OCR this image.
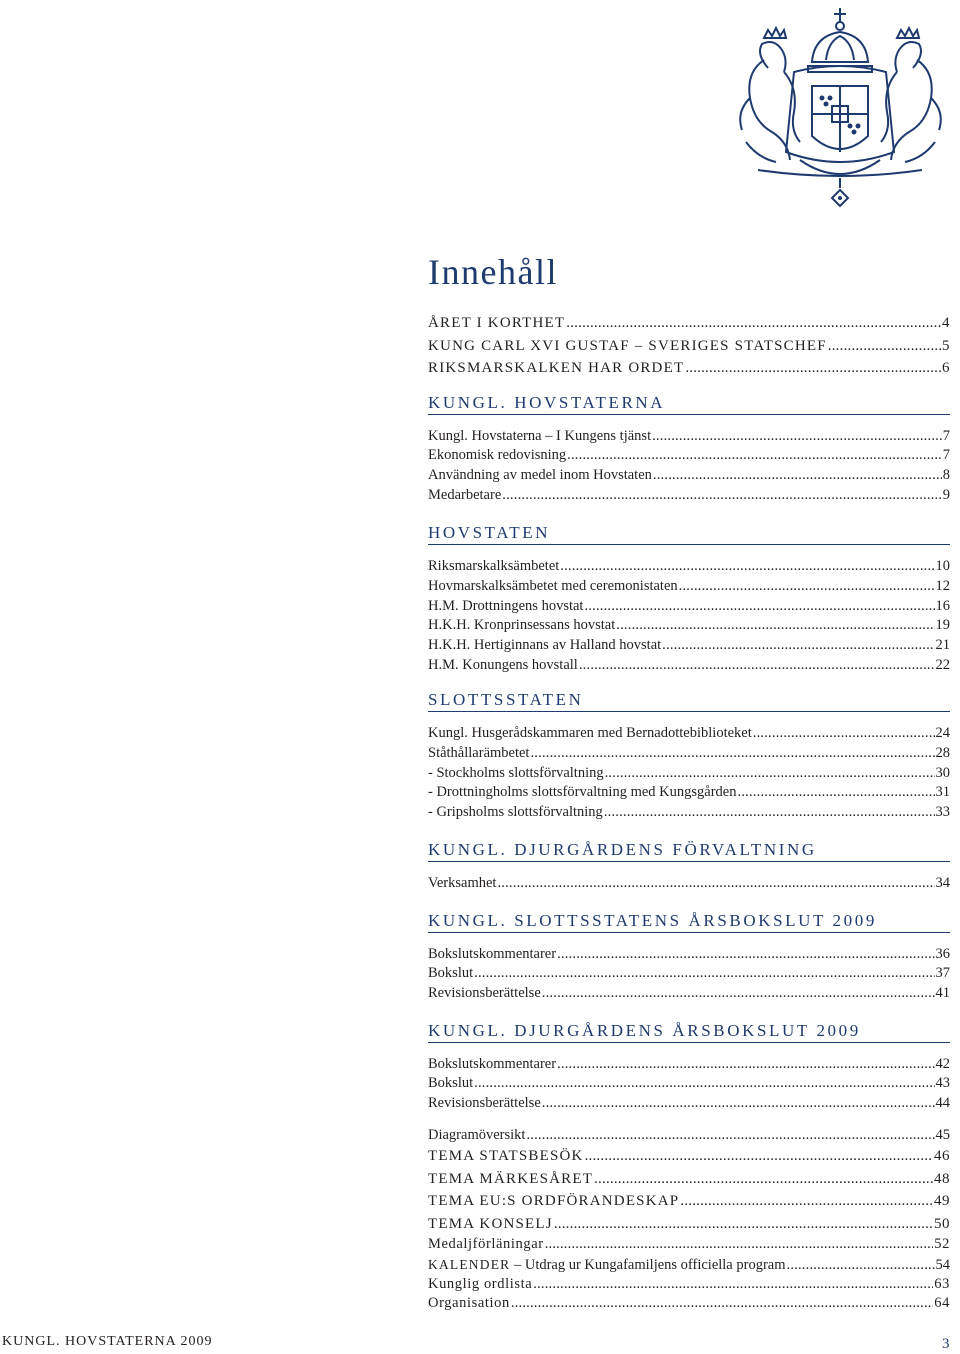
Innehåll
ÅRET I KORTHET .....	4
KUNG CARL XVI GUSTAF – SVERIGES STATSCHEF .....	5
RIKSMARSKALKEN HAR ORDET .....	6
KUNGL. HOVSTATERNA
Kungl. Hovstaterna – I Kungens tjänst .....	7
Ekonomisk redovisning .....	7
Användning av medel inom Hovstaten .....	8
Medarbetare .....	9
HOVSTATEN
Riksmarskalksämbetet .....	10
Hovmarskalksämbetet med ceremonistaten .....	12
H.M. Drottningens hovstat .....	16
H.K.H. Kronprinsessans hovstat .....	19
H.K.H. Hertiginnans av Halland hovstat .....	21
H.M. Konungens hovstall .....	22
SLOTTSSTATEN
Kungl. Husgerådskammaren med Bernadottebiblioteket .....	24
Ståthållarämbetet .....	28
- Stockholms slottsförvaltning .....	30
- Drottningholms slottsförvaltning med Kungsgården .....	31
- Gripsholms slottsförvaltning .....	33
KUNGL. DJURGÅRDENS FÖRVALTNING
Verksamhet .....	34
KUNGL. SLOTTSSTATENS ÅRSBOKSLUT 2009
Bokslutskommentarer .....	36
Bokslut .....	37
Revisionsberättelse .....	41
KUNGL. DJURGÅRDENS ÅRSBOKSLUT 2009
Bokslutskommentarer .....	42
Bokslut .....	43
Revisionsberättelse .....	44
Diagramöversikt .....	45
TEMA STATSBESÖK .....	46
TEMA MÄRKESÅRET .....	48
TEMA EU:S ORDFÖRANDESKAP .....	49
TEMA KONSELJ .....	50
Medaljförläningar .....	52
KALENDER – Utdrag ur Kungafamiljens officiella program .....	54
Kunglig ordlista .....	63
Organisation .....	64
KUNGL. HOVSTATERNA 2009	3
